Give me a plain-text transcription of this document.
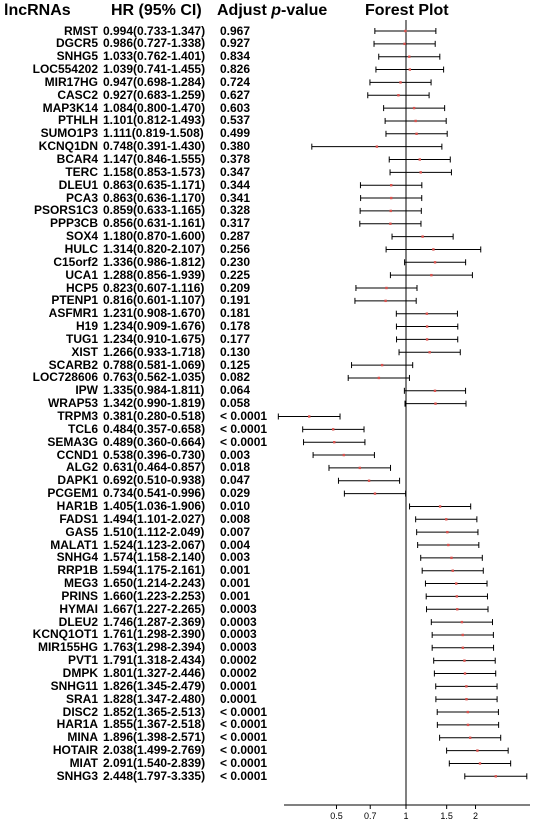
lncRNAs	HR (95% CI) Adjust p-value Forest Plot
RMST 0.994(0.733-1.347) 0.967
DGCR5 0.986(0.727-1.338) 0.927
SNHG5 1.033(0.762-1.401) 0.834
LOC554202 1.039(0.741-1.455) 0.826
MIR17HG 0.947(0.698-1.284) 0.724
CASC2 0.927(0.683-1.259) 0.627
MAP3K14 1.084(0.800-1.470) 0.603
PTHLH 1.101(0.812-1.493) 0.537
SUMO1P3 1.111(0.819-1.508) 0.499
KCNQ1DN 0.748(0.391-1.430) 0.380
BCAR4 1.147(0.846-1.555) 0.378
TERC 1.158(0.853-1.573) 0.347
DLEU1 0.863(0.635-1.171) 0.344
PCA3 0.863(0.636-1.170) 0.341
PSORS1C3 0.859(0.633-1.165) 0.328
PPP3CB 0.856(0.631-1.161) 0.317
SOX4 1.180(0.870-1.600) 0.287
HULC 1.314(0.820-2.107) 0.256
C15orf2 1.336(0.986-1.812) 0.230
UCA1 1.288(0.856-1.939) 0.225
HCP5 0.823(0.607-1.116) 0.209
PTENP1 0.816(0.601-1.107) 0.191
ASFMR1 1.231(0.908-1.670) 0.181
H19 1.234(0.909-1.676) 0.178
TUG1 1.234(0.910-1.675) 0.177
XIST 1.266(0.933-1.718) 0.130
SCARB2 0.788(0.581-1.069) 0.125
LOC728606 0.763(0.562-1.035) 0.082
IPW 1.335(0.984-1.811) 0.064
WRAP53 1.342(0.990-1.819) 0.058
TRPM3 0.381(0.280-0.518) < 0.0001
TCL6 0.484(0.357-0.658) < 0.0001
SEMA3G 0.489(0.360-0.664) < 0.0001
CCND1 0.538(0.396-0.730) 0.003
ALG2 0.631(0.464-0.857) 0.018
DAPK1 0.692(0.510-0.938) 0.047
PCGEM1 0.734(0.541-0.996) 0.029
HAR1B 1.405(1.036-1.906) 0.010
FADS1 1.494(1.101-2.027) 0.008
GAS5 1.510(1.112-2.049) 0.007
MALAT1 1.524(1.123-2.067) 0.004
SNHG4 1.574(1.158-2.140) 0.003
RRP1B 1.594(1.175-2.161) 0.001
MEG3 1.650(1.214-2.243) 0.001
PRINS 1.660(1.223-2.253) 0.001
HYMAI 1.667(1.227-2.265) 0.0003
DLEU2 1.746(1.287-2.369) 0.0003
KCNQ1OT1 1.761(1.298-2.390) 0.0003
MIR155HG 1.763(1.298-2.394) 0.0003
PVT1 1.791(1.318-2.434) 0.0002
DMPK 1.801(1.327-2.446) 0.0002
SNHG11 1.826(1.345-2.479) 0.0001
SRA1 1.828(1.347-2.480) 0.0001
DISC2 1.852(1.365-2.513) < 0.0001
HAR1A 1.855(1.367-2.518) < 0.0001
MINA 1.896(1.398-2.571) < 0.0001
HOTAIR 2.038(1.499-2.769) < 0.0001
MIAT 2.091(1.540-2.839) < 0.0001
SNHG3 2.448(1.797-3.335) < 0.0001
0.5 0.7	1	1.5 2
